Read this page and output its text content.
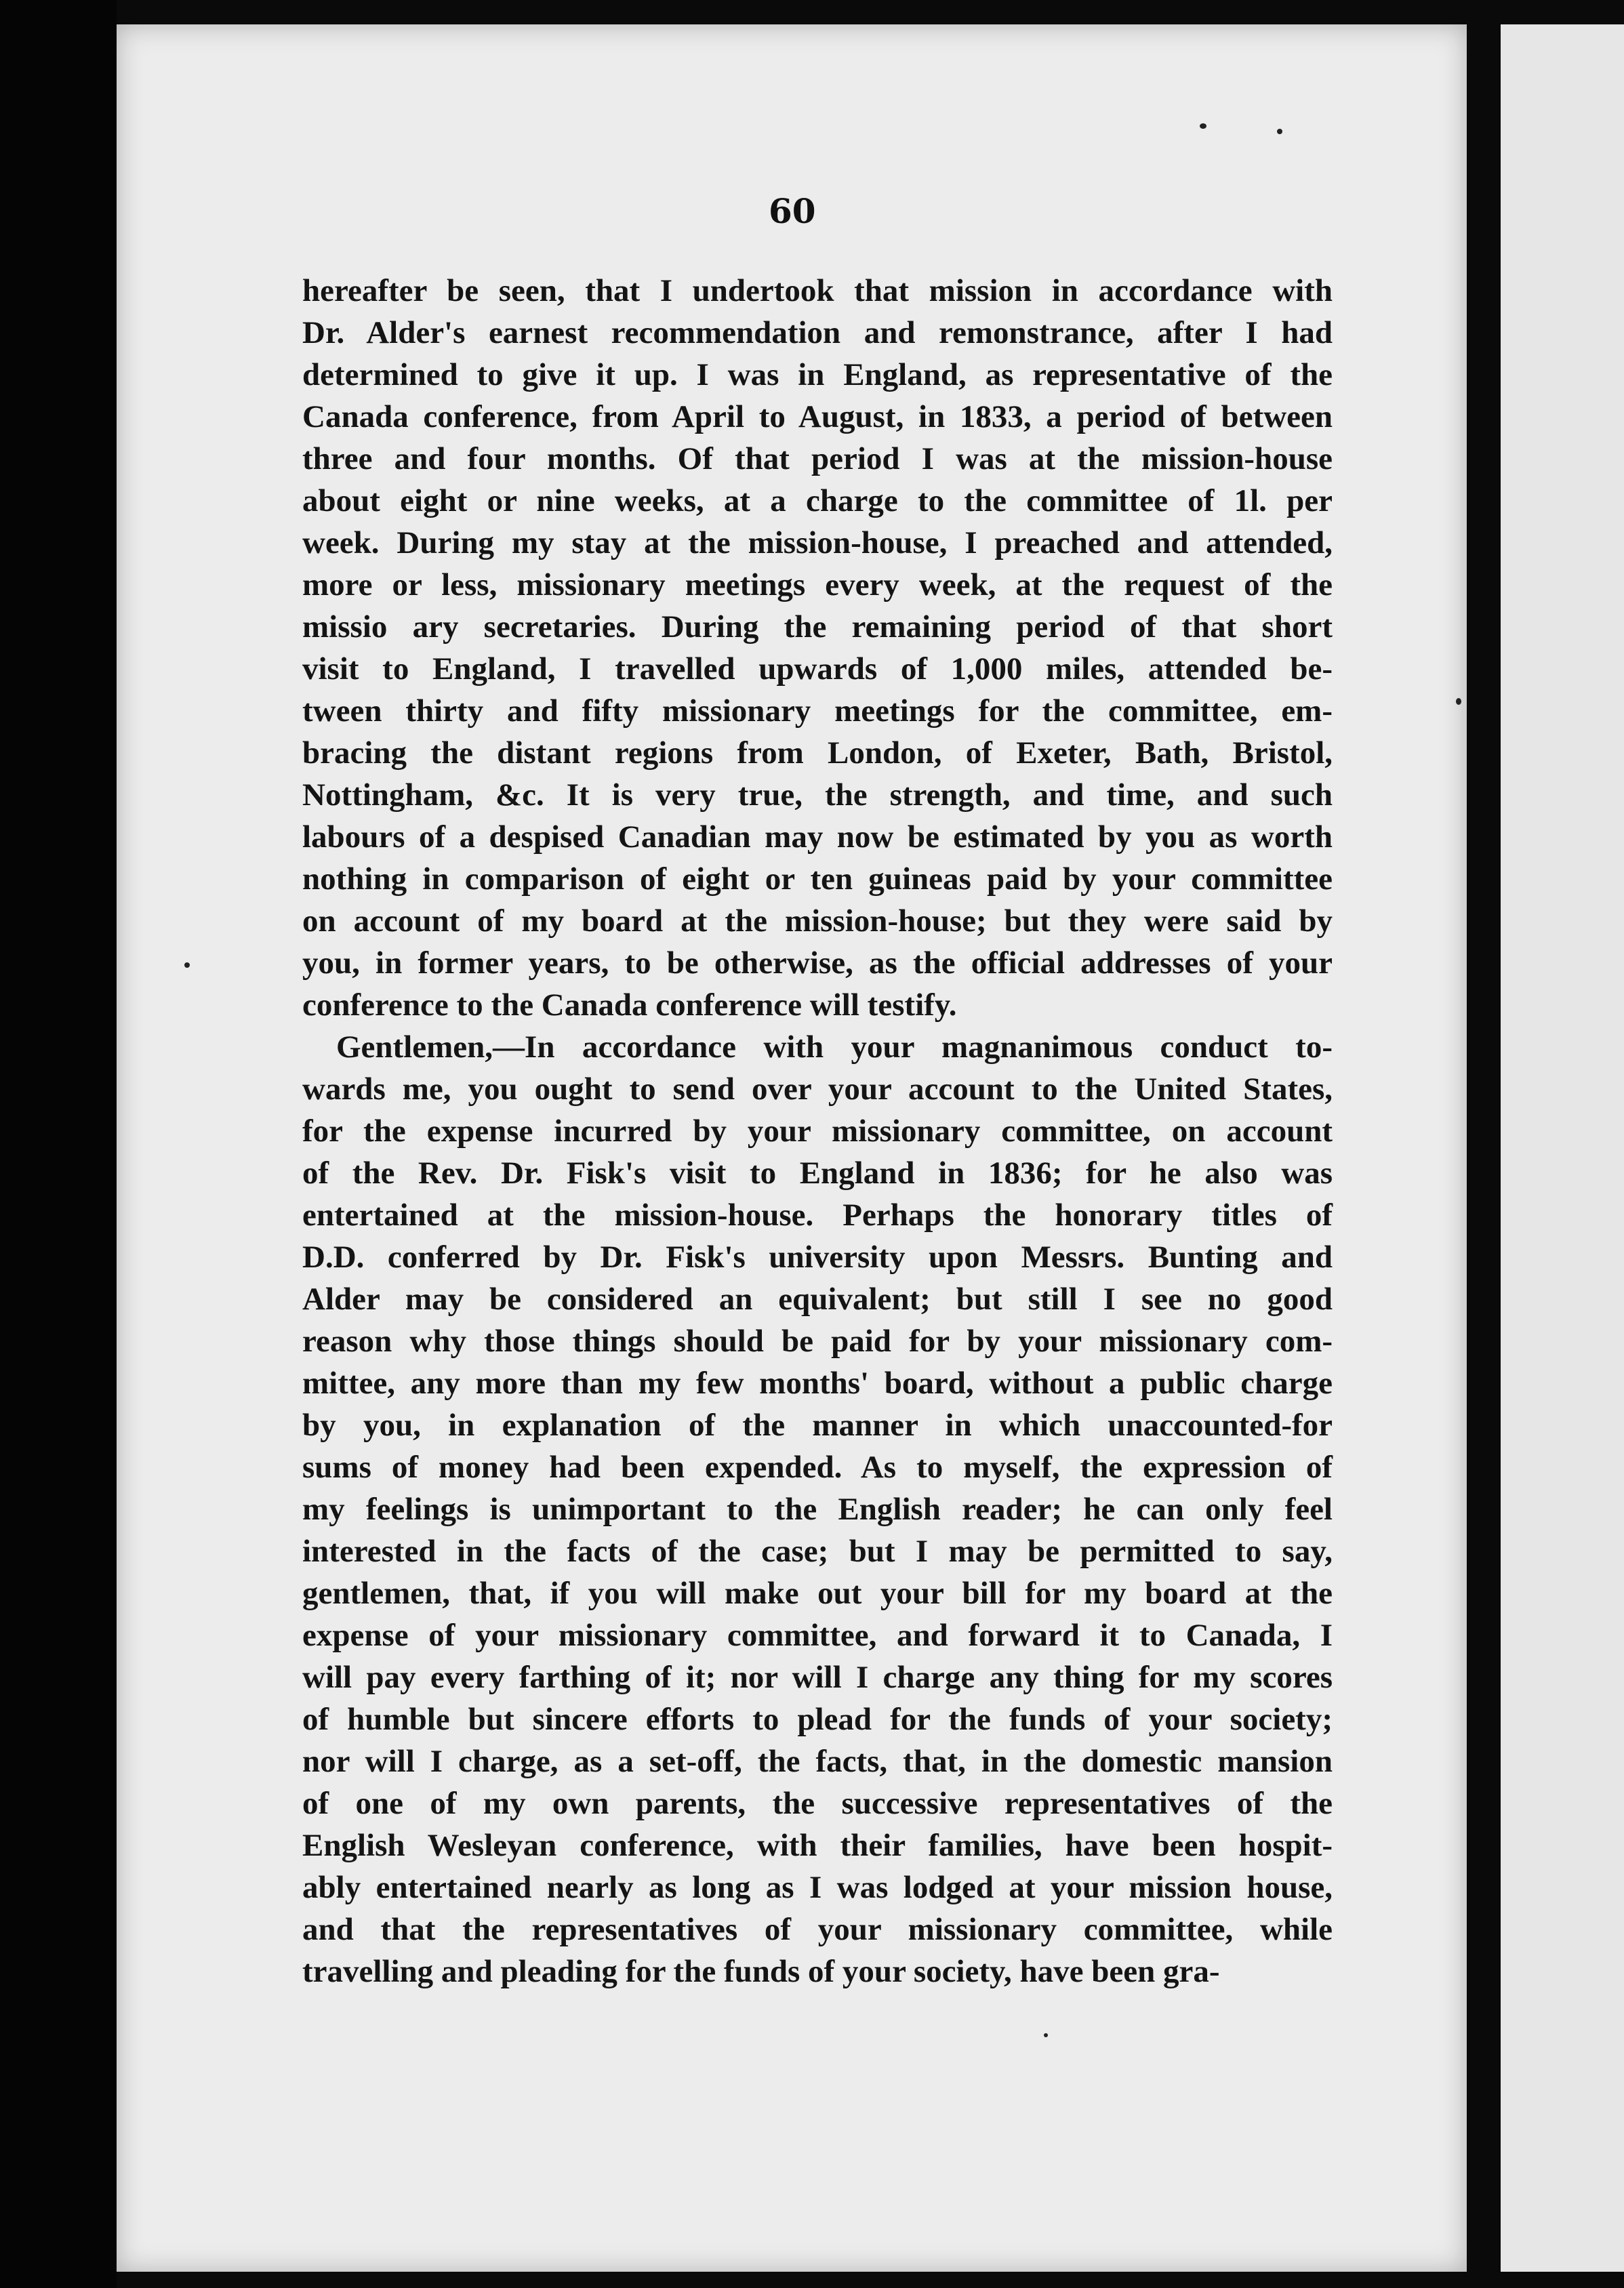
60
hereafter be seen, that I undertook that mission in accordance with
Dr. Alder's earnest recommendation and remonstrance, after I had
determined to give it up. I was in England, as representative of the
Canada conference, from April to August, in 1833, a period of between
three and four months. Of that period I was at the mission-house
about eight or nine weeks, at a charge to the committee of 1l. per
week. During my stay at the mission-house, I preached and attended,
more or less, missionary meetings every week, at the request of the
missio ary secretaries. During the remaining period of that short
visit to England, I travelled upwards of 1,000 miles, attended be-
tween thirty and fifty missionary meetings for the committee, em-
bracing the distant regions from London, of Exeter, Bath, Bristol,
Nottingham, &c. It is very true, the strength, and time, and such
labours of a despised Canadian may now be estimated by you as worth
nothing in comparison of eight or ten guineas paid by your committee
on account of my board at the mission-house; but they were said by
you, in former years, to be otherwise, as the official addresses of your
conference to the Canada conference will testify.
Gentlemen,—In accordance with your magnanimous conduct to-
wards me, you ought to send over your account to the United States,
for the expense incurred by your missionary committee, on account
of the Rev. Dr. Fisk's visit to England in 1836; for he also was
entertained at the mission-house. Perhaps the honorary titles of
D.D. conferred by Dr. Fisk's university upon Messrs. Bunting and
Alder may be considered an equivalent; but still I see no good
reason why those things should be paid for by your missionary com-
mittee, any more than my few months' board, without a public charge
by you, in explanation of the manner in which unaccounted-for
sums of money had been expended. As to myself, the expression of
my feelings is unimportant to the English reader; he can only feel
interested in the facts of the case; but I may be permitted to say,
gentlemen, that, if you will make out your bill for my board at the
expense of your missionary committee, and forward it to Canada, I
will pay every farthing of it; nor will I charge any thing for my scores
of humble but sincere efforts to plead for the funds of your society;
nor will I charge, as a set-off, the facts, that, in the domestic mansion
of one of my own parents, the successive representatives of the
English Wesleyan conference, with their families, have been hospit-
ably entertained nearly as long as I was lodged at your mission house,
and that the representatives of your missionary committee, while
travelling and pleading for the funds of your society, have been gra-
